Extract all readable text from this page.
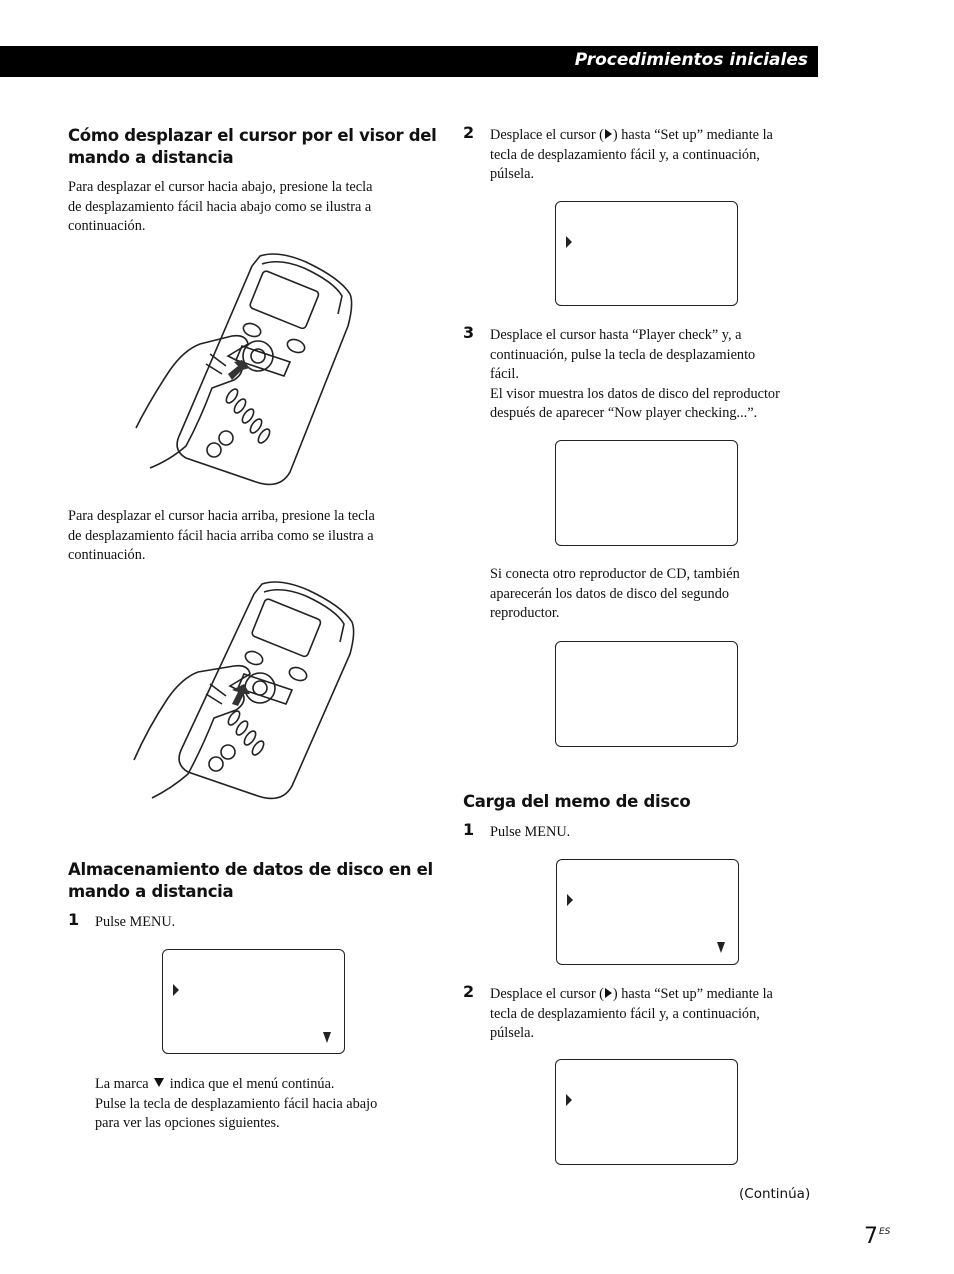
Procedimientos iniciales
Cómo desplazar el cursor por el visor del
mando a distancia
Para desplazar el cursor hacia abajo, presione la tecla
de desplazamiento fácil hacia abajo como se ilustra a
continuación.
Para desplazar el cursor hacia arriba, presione la tecla
de desplazamiento fácil hacia arriba como se ilustra a
continuación.
Almacenamiento de datos de disco en el
mando a distancia
1 Pulse MENU.
La marca indica que el menú continúa.
Pulse la tecla de desplazamiento fácil hacia abajo
para ver las opciones siguientes.
2 Desplace el cursor ( ) hasta “Set up” mediante la
tecla de desplazamiento fácil y, a continuación,
púlsela.
3 Desplace el cursor hasta “Player check” y, a
continuación, pulse la tecla de desplazamiento
fácil.
El visor muestra los datos de disco del reproductor
después de aparecer “Now player checking...”.
Si conecta otro reproductor de CD, también
aparecerán los datos de disco del segundo
reproductor.
Carga del memo de disco
1 Pulse MENU.
2 Desplace el cursor ( ) hasta “Set up” mediante la
tecla de desplazamiento fácil y, a continuación,
púlsela.
(Continúa)
7 ES
